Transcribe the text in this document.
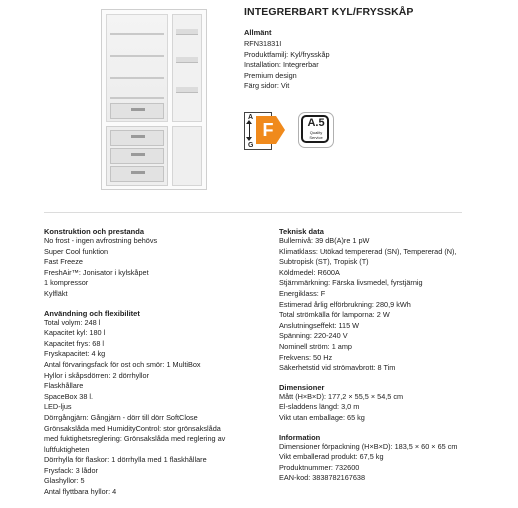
INTEGRERBART KYL/FRYSSKÅP
Allmänt
RFN31831I
Produktfamilj: Kyl/frysskåp
Installation: Integrerbar
Premium design
Färg sidor: Vit
A
G
F	A.5
Quality
Service
Konstruktion och prestanda
No frost - ingen avfrostning behövs
Super Cool funktion
Fast Freeze
FreshAir™: Jonisator i kylskåpet
1 kompressor
Kylfläkt
Användning och flexibilitet
Total volym: 248 l
Kapacitet kyl: 180 l
Kapacitet frys: 68 l
Fryskapacitet: 4 kg
Antal förvaringsfack för ost och smör: 1 MultiBox
Hyllor i skåpsdörren: 2 dörrhyllor
Flaskhållare
SpaceBox 38 l.
LED-ljus
Dörrgångjärn: Gångjärn - dörr till dörr SoftClose
Grönsakslåda med HumidityControl: stor grönsakslåda
med fuktighetsreglering: Grönsakslåda med reglering av
luftfuktigheten
Dörrhylla för flaskor: 1 dörrhylla med 1 flaskhållare
Frysfack: 3 lådor
Glashyllor: 5
Antal flyttbara hyllor: 4
Teknisk data
Bullernivå: 39 dB(A)re 1 pW
Klimatklass: Utökad tempererad (SN), Tempererad (N),
Subtropisk (ST), Tropisk (T)
Köldmedel: R600A
Stjärnmärkning: Färska livsmedel, fyrstjärnig
Energiklass: F
Estimerad årlig elförbrukning: 280,9 kWh
Total strömkälla för lamporna: 2 W
Anslutningseffekt: 115 W
Spänning: 220-240 V
Nominell ström: 1 amp
Frekvens: 50 Hz
Säkerhetstid vid strömavbrott: 8 Tim
Dimensioner
Mått (H×B×D): 177,2 × 55,5 × 54,5 cm
El-sladdens längd: 3,0 m
Vikt utan emballage: 65 kg
Information
Dimensioner förpackning (H×B×D): 183,5 × 60 × 65 cm
Vikt emballerad produkt: 67,5 kg
Produktnummer: 732600
EAN-kod: 3838782167638
